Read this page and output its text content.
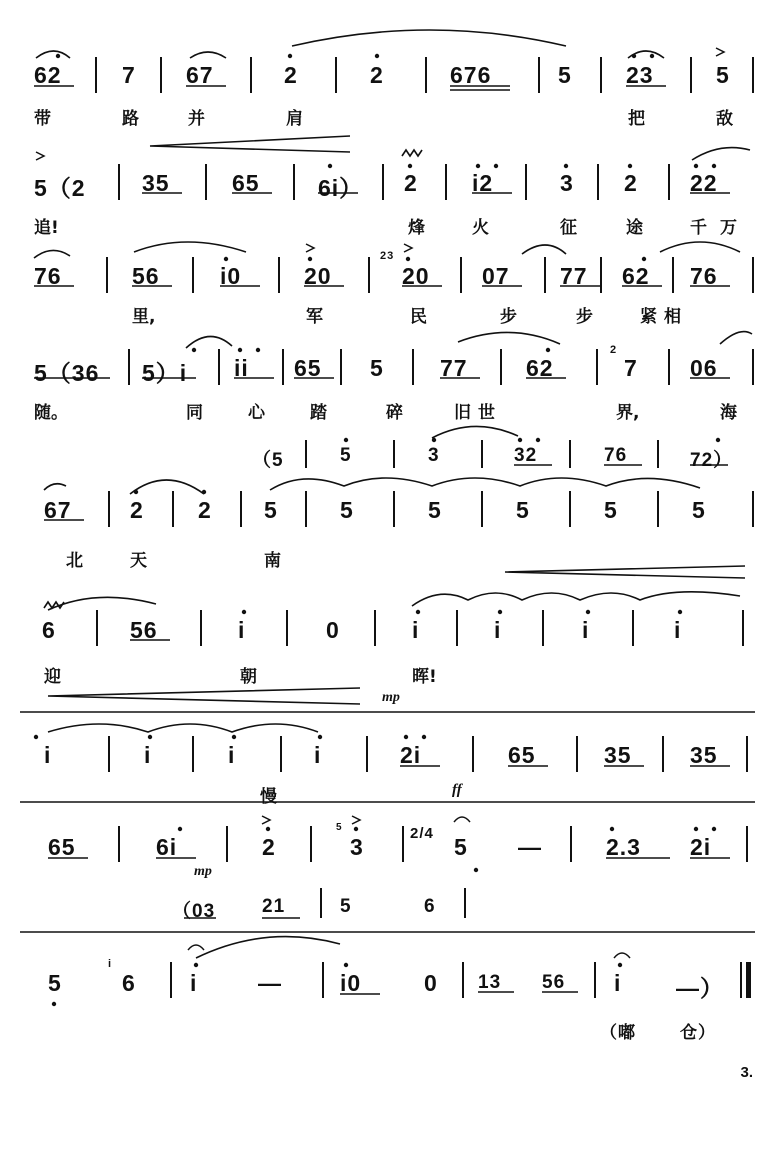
62	7 67	2	2	676	5 23	5
带	路	并	肩	把	敌
5（2 35	65	6i） 2 i2	3 2 22
追!	烽	火	征	途	千 万
76	56	i0	20
23
20 07 77 62 76
里,	军	民	步	步	紧 相
5（36 5）i ii 65 5 77	62
2
7 06
随。	同	心	踏	碎	旧 世	界,	海
（5	5	3	32	76	72）
67	2 2 5	5	5	5	5	5
北	天	南
6	56	i	0	i	i	i	i
迎	朝	晖!
mp
i	i	i	i	2i	65	35	35
慢	ff
65	6i	2
5
3
2/4
5 —	2.3 2i
mp
（03 21	5	6
5
i
6 i	—	i0	0 13 56 i —）
（嘟	仓）
3.
